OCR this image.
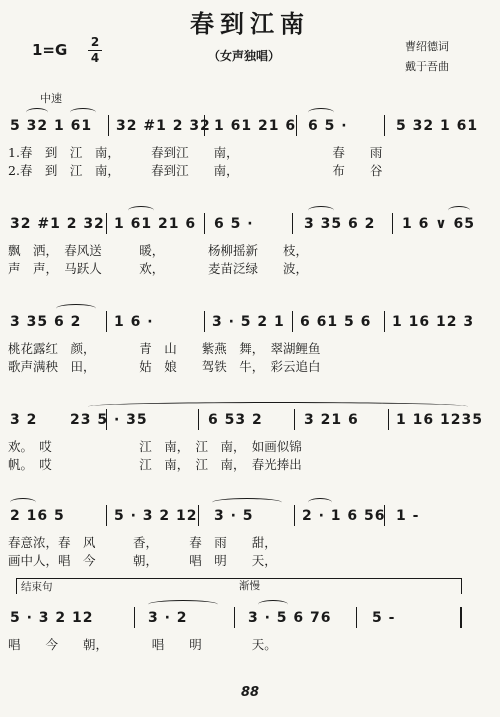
春到江南
1=G 2
4	（女声独唱）
曹绍德词
戴于吾曲
中速
5 32 1 61 32 #1 2 32 1 61 21 6 6 5 ·	5 32 1 61
1.春　到　江　南，　　　春到江　　南，　　　　　　　　春　　雨
2.春　到　江　南，　　　春到江　　南，　　　　　　　　布　　谷
32 #1 2 32 1 61 21 6 6 5 ·	3 35 6 2 1 6 ∨ 65
飘　洒，　春风送　　　暖，　　　　杨柳摇新　　枝，
声　声，　马跃人　　　欢，　　　　麦苗泛绿　　波，
3 35 6 2 1 6 ·	3 · 5 2 1 6 61 5 6 1 16 12 3
桃花露红　颜，　　　　青　山　　紫燕　舞，　翠湖鲤鱼
歌声满秧　田，　　　　姑　娘　　驾铁　牛，　彩云追白
3 2 23 5 · 35	6 53 2	3 21 6	1 16 1235
欢。　哎　　　　　　　江　南，　江　南，　如画似锦
帆。　哎　　　　　　　江　南，　江　南，　春光捧出
2 16 5	5 · 3 2 12 3 · 5	2 · 1 6 56 1 -
春意浓，春　风　　　香，　　　春　雨　　甜，
画中人，唱　今　　　朝，　　　唱　明　　天，
结束句	渐慢
5 · 3 2 12	3 · 2	3 · 5 6 76	5 -
唱　　今　　朝，　　　　唱　　明　　　　天。
88
